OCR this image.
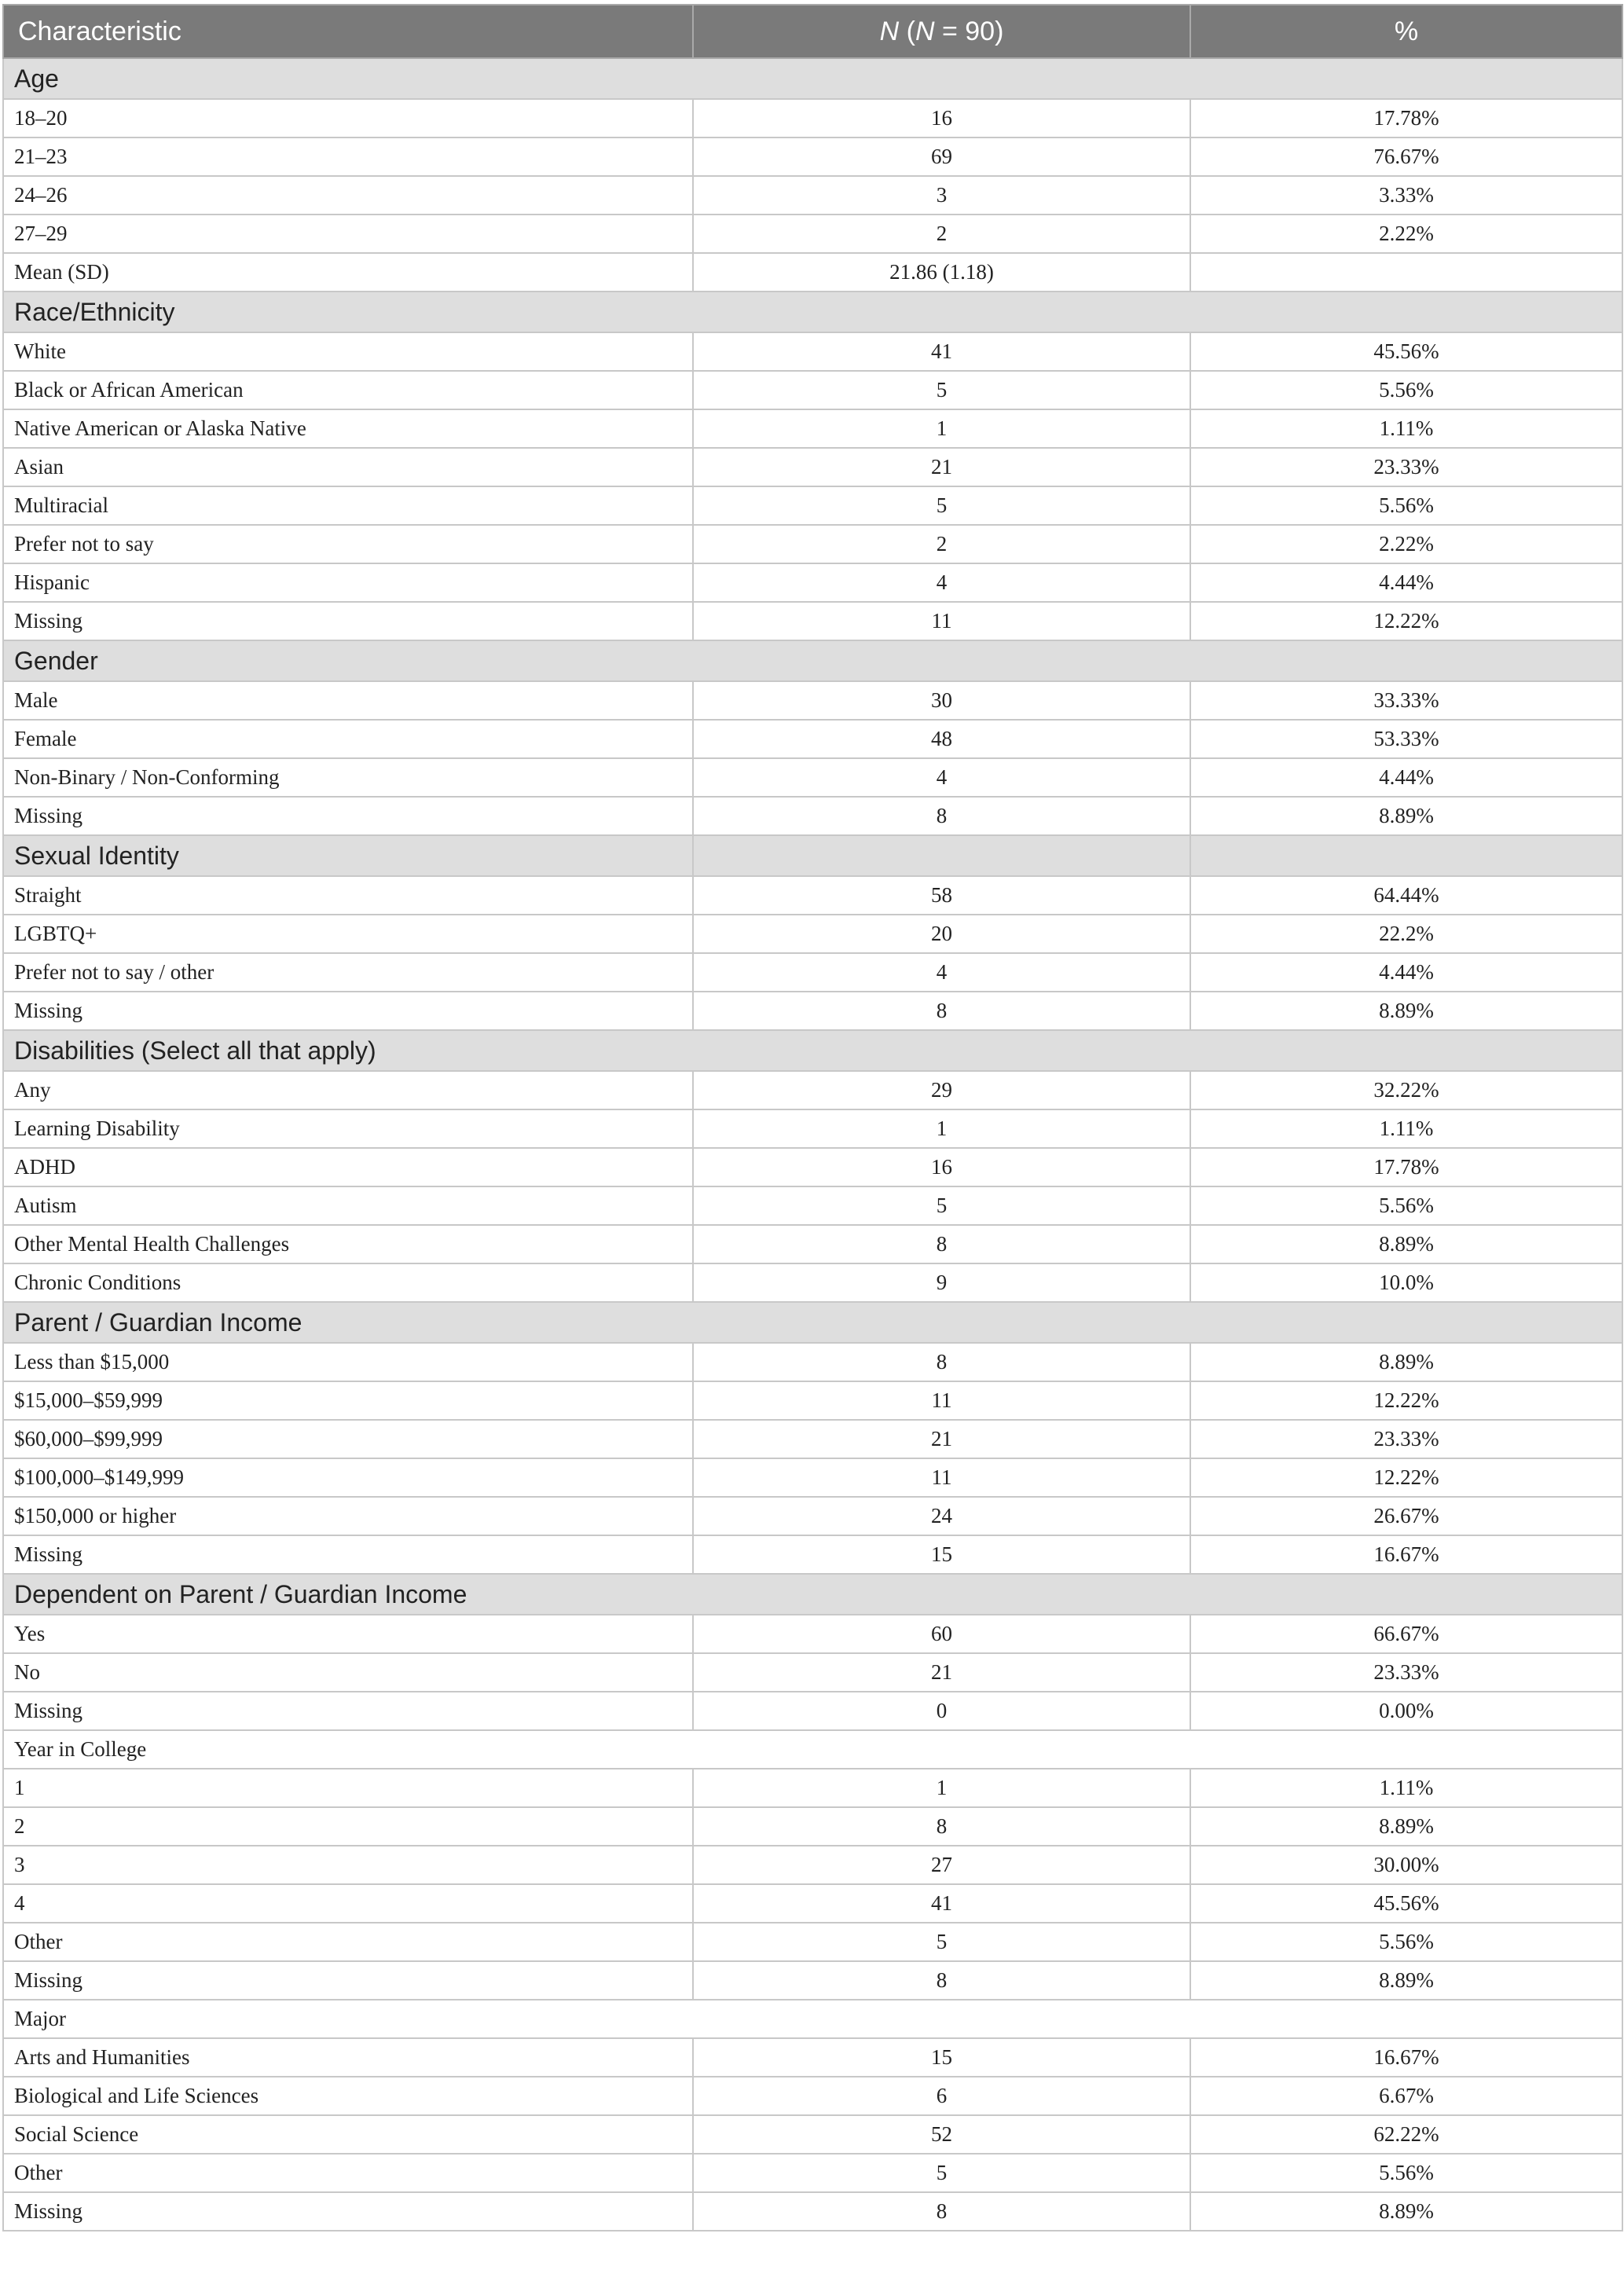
Characteristic	N (N = 90)	%
Age		
18–20	16	17.78%
21–23	69	76.67%
24–26	3	3.33%
27–29	2	2.22%
Mean (SD)	21.86 (1.18)	
Race/Ethnicity		
White	41	45.56%
Black or African American	5	5.56%
Native American or Alaska Native	1	1.11%
Asian	21	23.33%
Multiracial	5	5.56%
Prefer not to say	2	2.22%
Hispanic	4	4.44%
Missing	11	12.22%
Gender		
Male	30	33.33%
Female	48	53.33%
Non-Binary / Non-Conforming	4	4.44%
Missing	8	8.89%
Sexual Identity		
Straight	58	64.44%
LGBTQ+	20	22.2%
Prefer not to say / other	4	4.44%
Missing	8	8.89%
Disabilities (Select all that apply)		
Any	29	32.22%
Learning Disability	1	1.11%
ADHD	16	17.78%
Autism	5	5.56%
Other Mental Health Challenges	8	8.89%
Chronic Conditions	9	10.0%
Parent / Guardian Income		
Less than $15,000	8	8.89%
$15,000–$59,999	11	12.22%
$60,000–$99,999	21	23.33%
$100,000–$149,999	11	12.22%
$150,000 or higher	24	26.67%
Missing	15	16.67%
Dependent on Parent / Guardian Income		
Yes	60	66.67%
No	21	23.33%
Missing	0	0.00%
Year in College		
1	1	1.11%
2	8	8.89%
3	27	30.00%
4	41	45.56%
Other	5	5.56%
Missing	8	8.89%
Major		
Arts and Humanities	15	16.67%
Biological and Life Sciences	6	6.67%
Social Science	52	62.22%
Other	5	5.56%
Missing	8	8.89%
